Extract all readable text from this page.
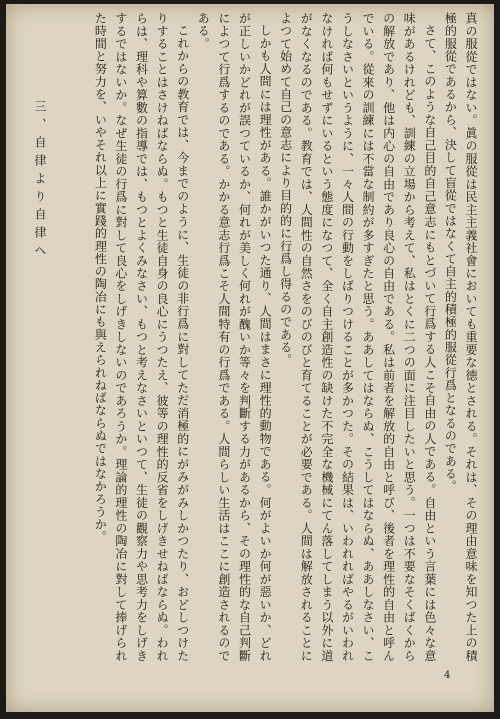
真の服從ではない。眞の服從は民主主義社會においても重要な徳とされる。それは、その理由意味を知つた上の積極的服從であるから、決して盲從ではなくて自主的積極的服從行爲となるのである。

さて、このような自己目的自己意志にもとづいて行爲する人こそ自由の人である。自由という言葉には色々な意味があるけれども、訓練の立場から考えて、私はとくに二つの面に注目したいと思う。一つは不要なそくばくからの解放であり、他は内心の自由であり良心の自由である。私は前者を解放的自由と呼び、後者を理性的自由と呼んでいる。從來の訓練には不當な制約が多すぎたと思う。ああしてはならぬ、こうしてはならぬ、ああしなさい、こうしなさいというように、一々人間の行動をしばりつけることが多かつた。その結果は、いわれればやるがいわれなければ何もせずにいるという態度になつて、全く自主創造性の缺けた不完全な機械にてん落してしまう以外に道がなくなるのである。教育では、人間性の自然さをのびのびと育てることが必要である。人間は解放されることによつて始めて自己の意志により目的的に行爲し得るのである。

しかも人間には理性がある。誰かがいつた通り、人間はまさに理性的動物である。何がよいか何が惡いか、どれが正しいかどれが誤つているか、何れが美しく何れが醜いか等々を判斷する力があるから、その理性的な自己判斷によつて行爲するのである。かかる意志行爲こそ人間特有の行爲である。人間らしい生活はここに創造されるのである。

これからの教育では、今までのように、生徒の非行爲に對してただ消極的にがみがみしかつたり、おどしつけたりすることはさけねばならぬ。もつと生徒自身の良心にうつたえ、彼等の理性的反省をしげきせねばならぬ。われらは、理科や算數の指導では、もつとよくみなさい、もつと考えなさいといつて、生徒の觀察力や思考力をしげきするではないか。なぜ生徒の行爲に對して良心をしげきしないのであろうか。理論的理性の陶冶に對して捧げられた時間と努力を、いやそれ以上に實踐的理性の陶冶にも與えられねばならぬではなかろうか。

三、自律より自律へ
4
